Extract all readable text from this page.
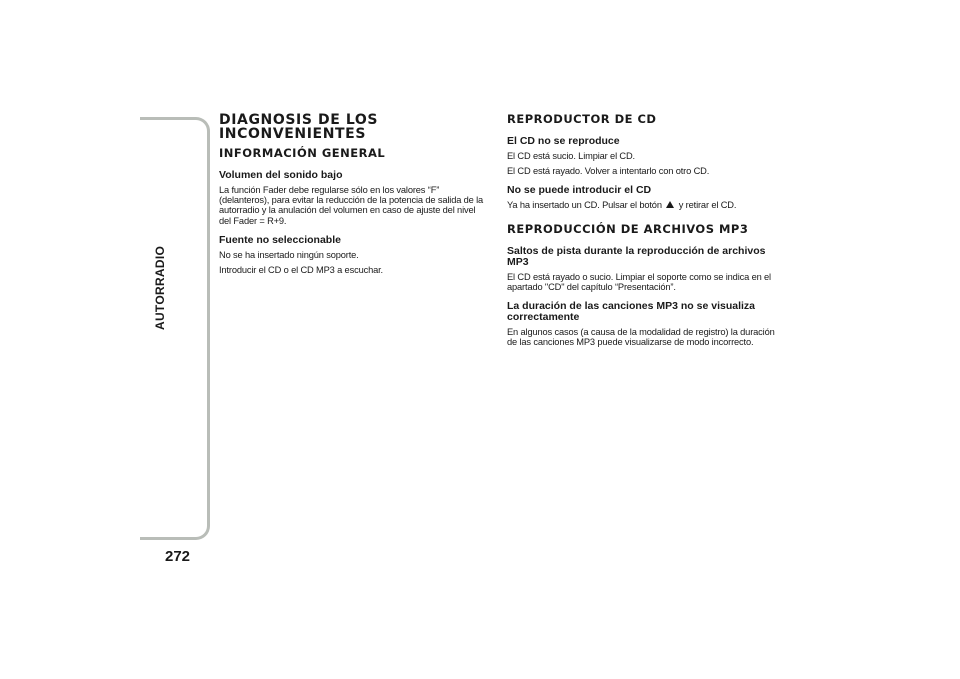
AUTORRADIO
272
DIAGNOSIS DE LOS INCONVENIENTES
INFORMACIÓN GENERAL
Volumen del sonido bajo
La función Fader debe regularse sólo en los valores “F” (delanteros), para evitar la reducción de la potencia de salida de la autorradio y la anulación del volumen en caso de ajuste del nivel del Fader = R+9.
Fuente no seleccionable
No se ha insertado ningún soporte.
Introducir el CD o el CD MP3 a escuchar.
REPRODUCTOR DE CD
El CD no se reproduce
El CD está sucio. Limpiar el CD.
El CD está rayado. Volver a intentarlo con otro CD.
No se puede introducir el CD
Ya ha insertado un CD. Pulsar el botón y retirar el CD.
REPRODUCCIÓN DE ARCHIVOS MP3
Saltos de pista durante la reproducción de archivos MP3
El CD está rayado o sucio. Limpiar el soporte como se indica en el apartado "CD" del capítulo “Presentación”.
La duración de las canciones MP3 no se visualiza correctamente
En algunos casos (a causa de la modalidad de registro) la duración de las canciones MP3 puede visualizarse de modo incorrecto.
